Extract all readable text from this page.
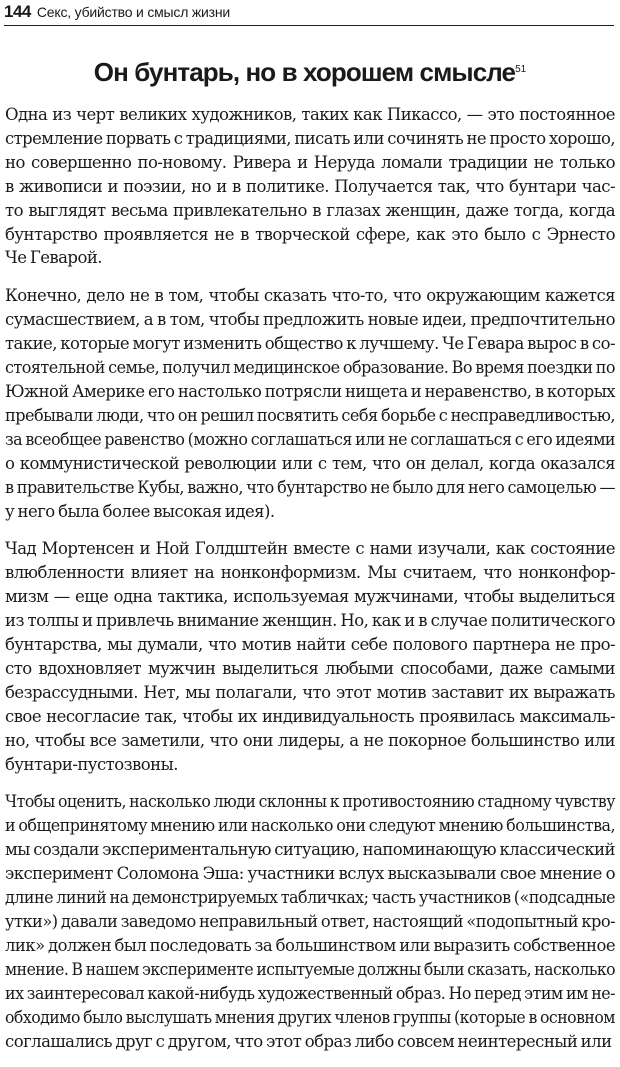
144 Секс, убийство и смысл жизни
Он бунтарь, но в хорошем смысле$^{51}$

Одна из черт великих художников, таких как Пикассо, — это постоянное
стремление порвать с традициями, писать или сочинять не просто хорошо,
но совершенно по-новому. Ривера и Неруда ломали традиции не только
в живописи и поэзии, но и в политике. Получается так, что бунтари час-
то выглядят весьма привлекательно в глазах женщин, даже тогда, когда
бунтарство проявляется не в творческой сфере, как это было с Эрнесто
Че Геварой.

Конечно, дело не в том, чтобы сказать что-то, что окружающим кажется
сумасшествием, а в том, чтобы предложить новые идеи, предпочтительно
такие, которые могут изменить общество к лучшему. Че Гевара вырос в со-
стоятельной семье, получил медицинское образование. Во время поездки по
Южной Америке его настолько потрясли нищета и неравенство, в которых
пребывали люди, что он решил посвятить себя борьбе с несправедливостью,
за всеобщее равенство (можно соглашаться или не соглашаться с его идеями
о коммунистической революции или с тем, что он делал, когда оказался
в правительстве Кубы, важно, что бунтарство не было для него самоцелью —
у него была более высокая идея).

Чад Мортенсен и Ной Голдштейн вместе с нами изучали, как состояние
влюбленности влияет на нонконформизм. Мы считаем, что нонконфор-
мизм — еще одна тактика, используемая мужчинами, чтобы выделиться
из толпы и привлечь внимание женщин. Но, как и в случае политического
бунтарства, мы думали, что мотив найти себе полового партнера не про-
сто вдохновляет мужчин выделиться любыми способами, даже самыми
безрассудными. Нет, мы полагали, что этот мотив заставит их выражать
свое несогласие так, чтобы их индивидуальность проявилась максималь-
но, чтобы все заметили, что они лидеры, а не покорное большинство или
бунтари-пустозвоны.

Чтобы оценить, насколько люди склонны к противостоянию стадному чувству
и общепринятому мнению или насколько они следуют мнению большинства,
мы создали экспериментальную ситуацию, напоминающую классический
эксперимент Соломона Эша: участники вслух высказывали свое мнение о
длине линий на демонстрируемых табличках; часть участников («подсадные
утки») давали заведомо неправильный ответ, настоящий «подопытный кро-
лик» должен был последовать за большинством или выразить собственное
мнение. В нашем эксперименте испытуемые должны были сказать, насколько
их заинтересовал какой-нибудь художественный образ. Но перед этим им не-
обходимо было выслушать мнения других членов группы (которые в основном
соглашались друг с другом, что этот образ либо совсем неинтересный или
